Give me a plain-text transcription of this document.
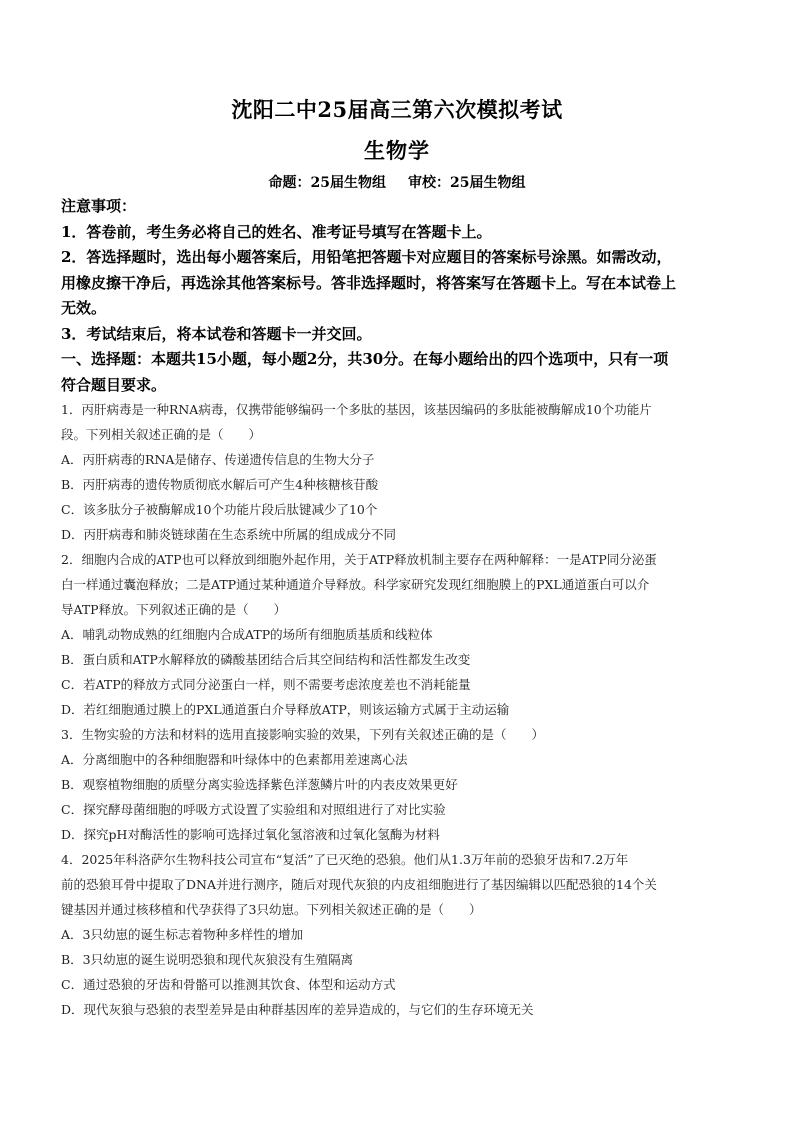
沈阳二中25届高三第六次模拟考试
生物学
命题：25届生物组 审校：25届生物组

注意事项：

1．答卷前，考生务必将自己的姓名、准考证号填写在答题卡上。

2．答选择题时，选出每小题答案后，用铅笔把答题卡对应题目的答案标号涂黑。如需改动，

用橡皮擦干净后，再选涂其他答案标号。答非选择题时，将答案写在答题卡上。写在本试卷上

无效。

3．考试结束后，将本试卷和答题卡一并交回。

一、选择题：本题共15小题，每小题2分，共30分。在每小题给出的四个选项中，只有一项

符合题目要求。

1．丙肝病毒是一种RNA病毒，仅携带能够编码一个多肽的基因，该基因编码的多肽能被酶解成10个功能片

段。下列相关叙述正确的是（　　）

A．丙肝病毒的RNA是储存、传递遗传信息的生物大分子

B．丙肝病毒的遗传物质彻底水解后可产生4种核糖核苷酸

C．该多肽分子被酶解成10个功能片段后肽键减少了10个

D．丙肝病毒和肺炎链球菌在生态系统中所属的组成成分不同

2．细胞内合成的ATP也可以释放到细胞外起作用，关于ATP释放机制主要存在两种解释：一是ATP同分泌蛋

白一样通过囊泡释放；二是ATP通过某种通道介导释放。科学家研究发现红细胞膜上的PXL通道蛋白可以介

导ATP释放。下列叙述正确的是（　　）

A．哺乳动物成熟的红细胞内合成ATP的场所有细胞质基质和线粒体

B．蛋白质和ATP水解释放的磷酸基团结合后其空间结构和活性都发生改变

C．若ATP的释放方式同分泌蛋白一样，则不需要考虑浓度差也不消耗能量

D．若红细胞通过膜上的PXL通道蛋白介导释放ATP，则该运输方式属于主动运输

3．生物实验的方法和材料的选用直接影响实验的效果，下列有关叙述正确的是（　　）

A．分离细胞中的各种细胞器和叶绿体中的色素都用差速离心法

B．观察植物细胞的质壁分离实验选择紫色洋葱鳞片叶的内表皮效果更好

C．探究酵母菌细胞的呼吸方式设置了实验组和对照组进行了对比实验

D．探究pH对酶活性的影响可选择过氧化氢溶液和过氧化氢酶为材料

4．2025年科洛萨尔生物科技公司宣布“复活”了已灭绝的恐狼。他们从1.3万年前的恐狼牙齿和7.2万年

前的恐狼耳骨中提取了DNA并进行测序，随后对现代灰狼的内皮祖细胞进行了基因编辑以匹配恐狼的14个关

键基因并通过核移植和代孕获得了3只幼崽。下列相关叙述正确的是（　　）

A．3只幼崽的诞生标志着物种多样性的增加

B．3只幼崽的诞生说明恐狼和现代灰狼没有生殖隔离

C．通过恐狼的牙齿和骨骼可以推测其饮食、体型和运动方式

D．现代灰狼与恐狼的表型差异是由种群基因库的差异造成的，与它们的生存环境无关
